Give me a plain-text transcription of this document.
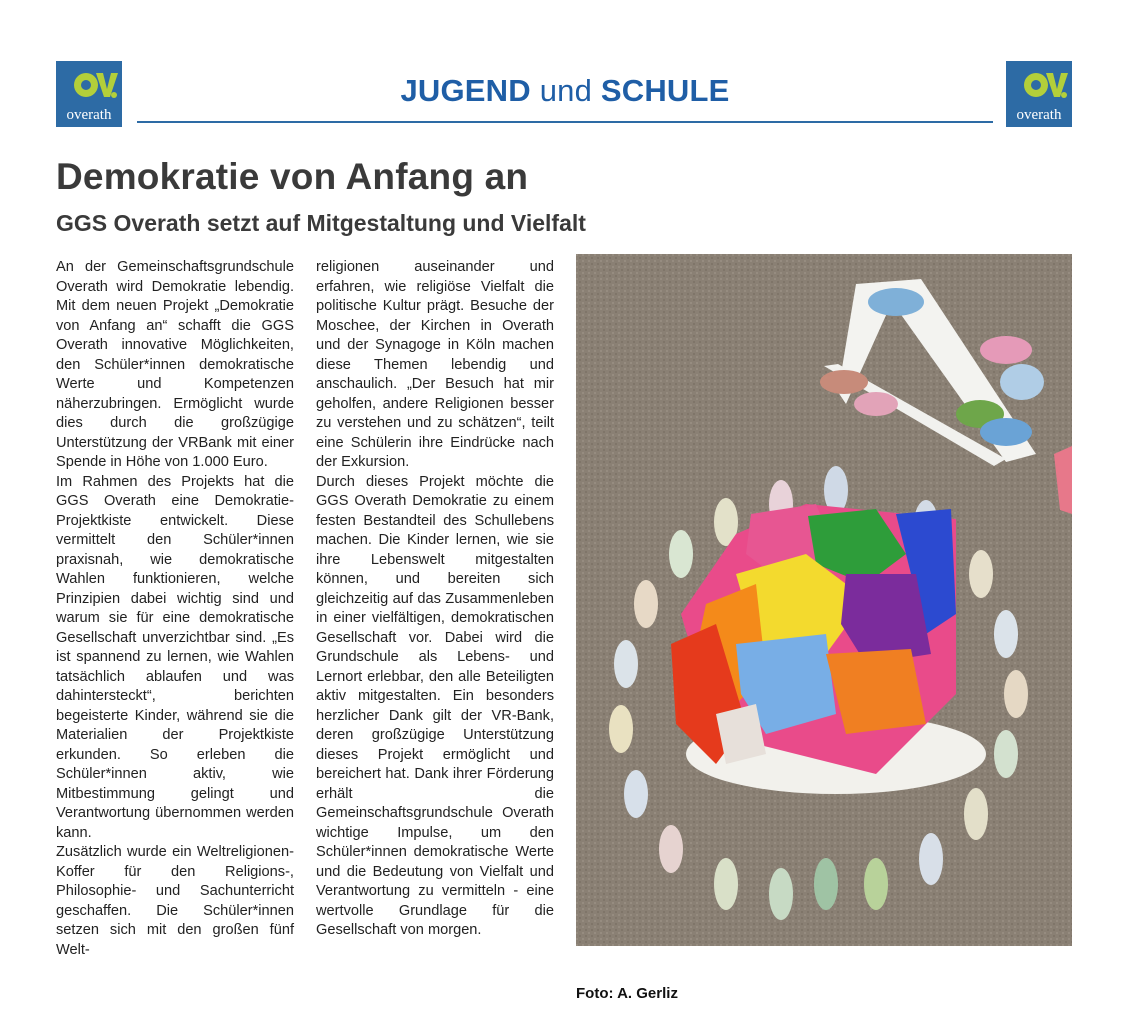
overath	overath
JUGEND und SCHULE
Demokratie von Anfang an
GGS Overath setzt auf Mitgestaltung und Vielfalt

An der Gemeinschaftsgrundschule Overath wird Demokratie lebendig. Mit dem neuen Projekt „Demokratie von Anfang an“ schafft die GGS Overath innovative Möglichkeiten, den Schüler*innen demokratische Werte und Kompetenzen näherzubringen. Ermöglicht wurde dies durch die großzügige Unterstützung der VRBank mit einer Spende in Höhe von 1.000 Euro.

Im Rahmen des Projekts hat die GGS Overath eine Demokratie-Projektkiste entwickelt. Diese vermittelt den Schüler*innen praxisnah, wie demokratische Wahlen funktionieren, welche Prinzipien dabei wichtig sind und warum sie für eine demokratische Gesellschaft unverzichtbar sind. „Es ist spannend zu lernen, wie Wahlen tatsächlich ablaufen und was dahintersteckt“, berichten begeisterte Kinder, während sie die Materialien der Projektkiste erkunden. So erleben die Schüler*innen aktiv, wie Mitbestimmung gelingt und Verantwortung übernommen werden kann.

Zusätzlich wurde ein Weltreligionen-Koffer für den Religions-, Philosophie- und Sachunterricht geschaffen. Die Schüler*innen setzen sich mit den großen fünf Welt-

religionen auseinander und erfahren, wie religiöse Vielfalt die politische Kultur prägt. Besuche der Moschee, der Kirchen in Overath und der Synagoge in Köln machen diese Themen lebendig und anschaulich. „Der Besuch hat mir geholfen, andere Religionen besser zu verstehen und zu schätzen“, teilt eine Schülerin ihre Eindrücke nach der Exkursion.

Durch dieses Projekt möchte die GGS Overath Demokratie zu einem festen Bestandteil des Schullebens machen. Die Kinder lernen, wie sie ihre Lebenswelt mitgestalten können, und bereiten sich gleichzeitig auf das Zusammenleben in einer vielfältigen, demokratischen Gesellschaft vor. Dabei wird die Grundschule als Lebens- und Lernort erlebbar, den alle Beteiligten aktiv mitgestalten. Ein besonders herzlicher Dank gilt der VR-Bank, deren großzügige Unterstützung dieses Projekt ermöglicht und bereichert hat. Dank ihrer Förderung erhält die Gemeinschaftsgrundschule Overath wichtige Impulse, um den Schüler*innen demokratische Werte und die Bedeutung von Vielfalt und Verantwortung zu vermitteln - eine wertvolle Grundlage für die Gesellschaft von morgen.

Foto: A. Gerliz
